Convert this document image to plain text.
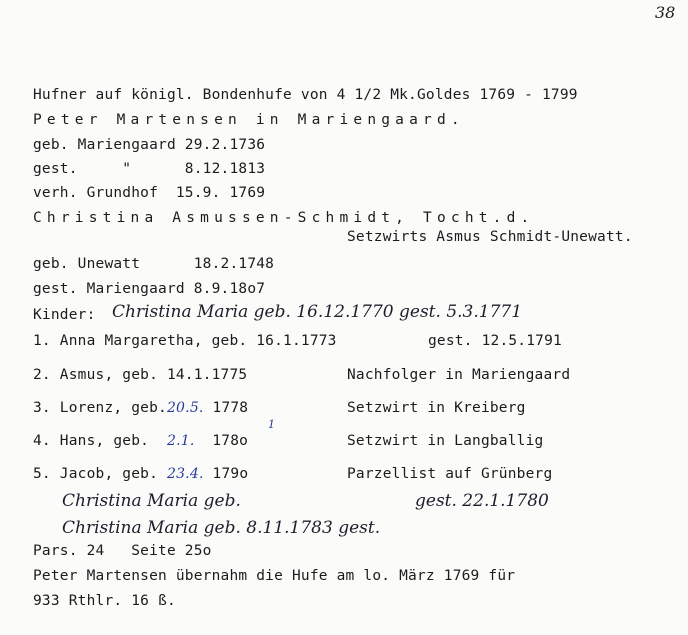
38
Hufner auf königl. Bondenhufe von 4 1/2 Mk.Goldes 1769 - 1799
Peter Martensen in Mariengaard.
geb. Mariengaard 29.2.1736
gest.     "      8.12.1813
verh. Grundhof  15.9. 1769
Christina Asmussen-Schmidt, Tocht.d.
Setzwirts Asmus Schmidt-Unewatt.
geb. Unewatt      18.2.1748
gest. Mariengaard 8.9.18o7
Kinder: Christina Maria geb. 16.12.1770 gest. 5.3.1771
1. Anna Margaretha, geb. 16.1.1773	gest. 12.5.1791
2. Asmus, geb. 14.1.1775	Nachfolger in Mariengaard
3. Lorenz, geb.20.5. 1778	Setzwirt in Kreiberg
1
4. Hans, geb. 2.1. 178o	Setzwirt in Langballig
5. Jacob, geb. 23.4. 179o	Parzellist auf Grünberg
Christina Maria geb.	gest. 22.1.1780
Christina Maria geb. 8.11.1783 gest.
Pars. 24   Seite 25o
Peter Martensen übernahm die Hufe am lo. März 1769 für
933 Rthlr. 16 ß.
